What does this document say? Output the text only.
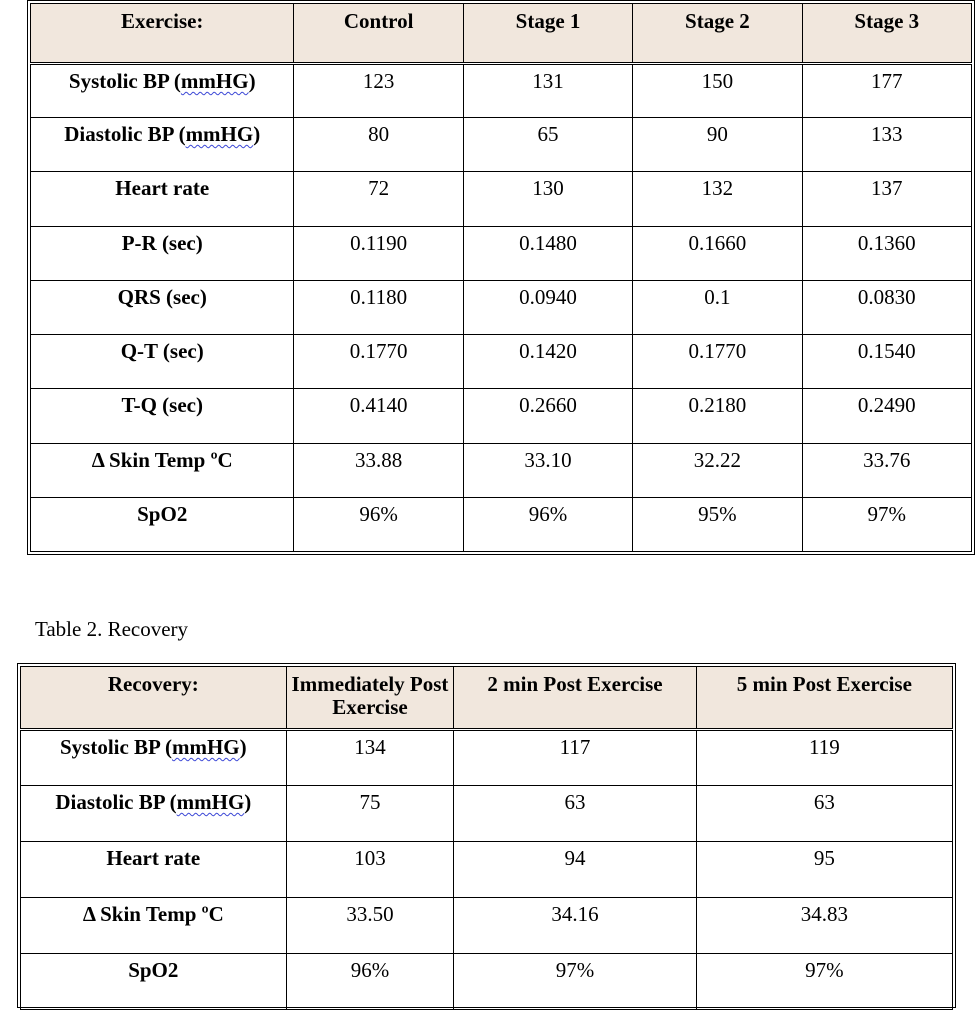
Exercise:	Control	Stage 1	Stage 2	Stage 3
Systolic BP (mmHG)	123	131	150	177
Diastolic BP (mmHG)	80	65	90	133
Heart rate	72	130	132	137
P-R (sec)	0.1190	0.1480	0.1660	0.1360
QRS (sec)	0.1180	0.0940	0.1	0.0830
Q-T (sec)	0.1770	0.1420	0.1770	0.1540
T-Q (sec)	0.4140	0.2660	0.2180	0.2490
Δ Skin Temp ºC	33.88	33.10	32.22	33.76
SpO2	96%	96%	95%	97%
Table 2. Recovery
Recovery:	Immediately Post Exercise	2 min Post Exercise	5 min Post Exercise
Systolic BP (mmHG)	134	117	119
Diastolic BP (mmHG)	75	63	63
Heart rate	103	94	95
Δ Skin Temp ºC	33.50	34.16	34.83
SpO2	96%	97%	97%
